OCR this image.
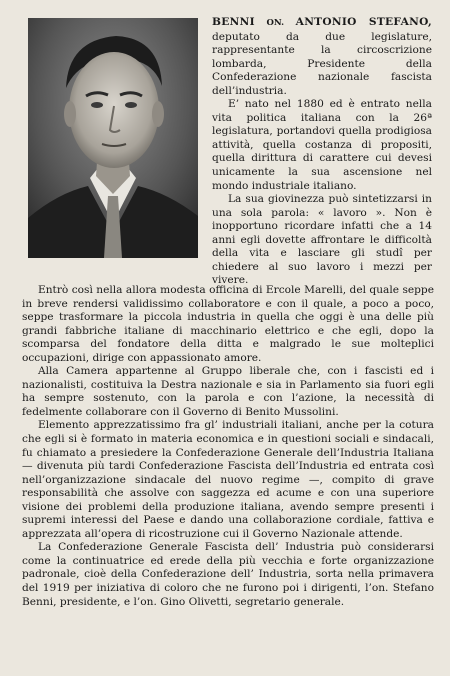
BENNI ON. ANTONIO STEFANO, deputato da due legislature, rappresentante la circoscrizione lombarda, Presidente della Confederazione nazionale fascista dell’industria.

E’ nato nel 1880 ed è entrato nella vita politica italiana con la 26ª legislatura, portandovi quella prodigiosa attività, quella costanza di propositi, quella dirittura di carattere cui devesi unicamente la sua ascensione nel mondo industriale italiano.

La sua giovinezza può sintetizzarsi in una sola parola: « lavoro ». Non è inopportuno ricordare infatti che a 14 anni egli dovette affrontare le difficoltà della vita e lasciare gli studî per chiedere al suo lavoro i mezzi per vivere.

Entrò così nella allora modesta officina di Ercole Marelli, del quale seppe in breve rendersi validissimo collaboratore e con il quale, a poco a poco, seppe trasformare la piccola industria in quella che oggi è una delle più grandi fabbriche italiane di macchinario elettrico e che egli, dopo la scomparsa del fondatore della ditta e malgrado le sue molteplici occupazioni, dirige con appassionato amore.

Alla Camera appartenne al Gruppo liberale che, con i fascisti ed i nazionalisti, costituiva la Destra nazionale e sia in Parlamento sia fuori egli ha sempre sostenuto, con la parola e con l’azione, la necessità di fedelmente collaborare con il Governo di Benito Mussolini.

Elemento apprezzatissimo fra gl’ industriali italiani, anche per la cotura che egli si è formato in materia economica e in questioni sociali e sindacali, fu chiamato a presiedere la Confederazione Generale dell’Industria Italiana — divenuta più tardi Confederazione Fascista dell’Industria ed entrata così nell’organizzazione sindacale del nuovo regime —, compito di grave responsabilità che assolve con saggezza ed acume e con una superiore visione dei problemi della produzione italiana, avendo sempre presenti i supremi interessi del Paese e dando una collaborazione cordiale, fattiva e apprezzata all’opera di ricostruzione cui il Governo Nazionale attende.

La Confederazione Generale Fascista dell’ Industria può considerarsi come la continuatrice ed erede della più vecchia e forte organizzazione padronale, cioè della Confederazione dell’ Industria, sorta nella primavera del 1919 per iniziativa di coloro che ne furono poi i dirigenti, l’on. Stefano Benni, presidente, e l’on. Gino Olivetti, segretario generale.
